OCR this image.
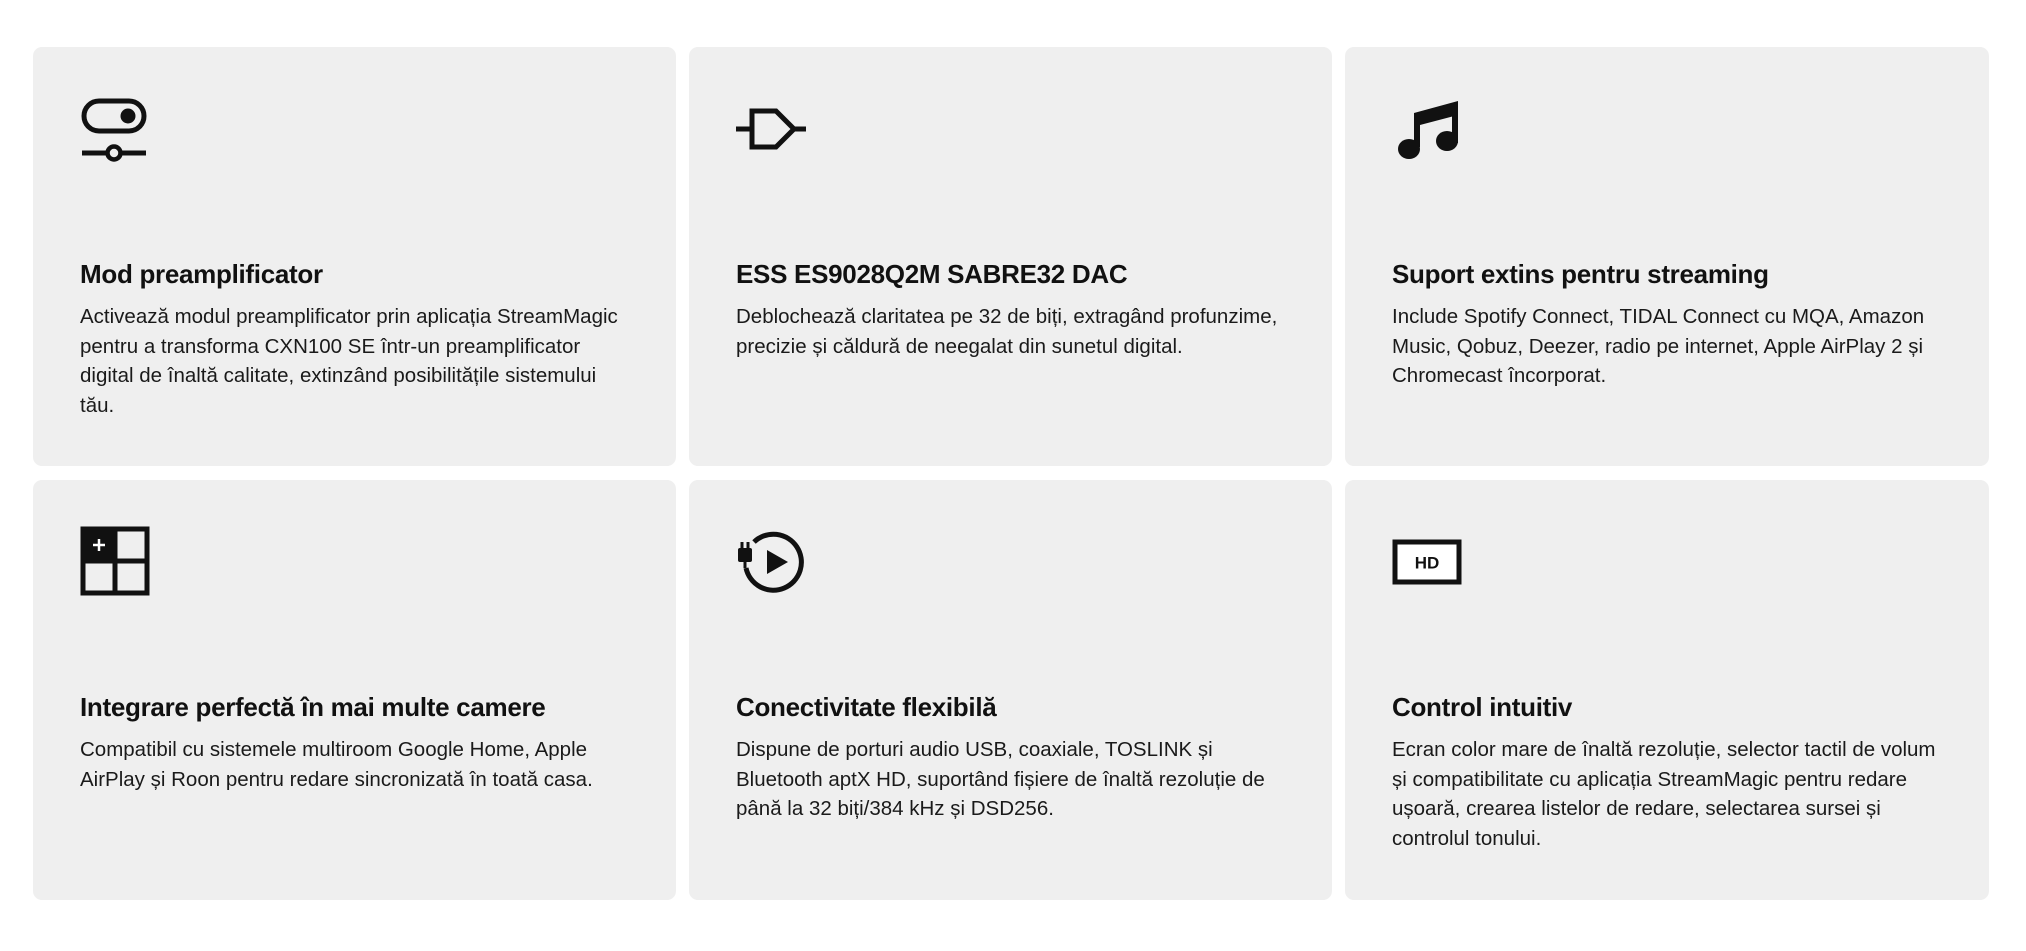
Mod preamplificator

Activează modul preamplificator prin aplicația StreamMagic pentru a transforma CXN100 SE într-un preamplificator digital de înaltă calitate, extinzând posibilitățile sistemului tău.

ESS ES9028Q2M SABRE32 DAC

Deblochează claritatea pe 32 de biți, extragând profunzime, precizie și căldură de neegalat din sunetul digital.

Suport extins pentru streaming

Include Spotify Connect, TIDAL Connect cu MQA, Amazon Music, Qobuz, Deezer, radio pe internet, Apple AirPlay 2 și Chromecast încorporat.

Integrare perfectă în mai multe camere

Compatibil cu sistemele multiroom Google Home, Apple AirPlay și Roon pentru redare sincronizată în toată casa.

Conectivitate flexibilă

Dispune de porturi audio USB, coaxiale, TOSLINK și Bluetooth aptX HD, suportând fișiere de înaltă rezoluție de până la 32 biți/384 kHz și DSD256.

HD
Control intuitiv

Ecran color mare de înaltă rezoluție, selector tactil de volum și compatibilitate cu aplicația StreamMagic pentru redare ușoară, crearea listelor de redare, selectarea sursei și controlul tonului.
